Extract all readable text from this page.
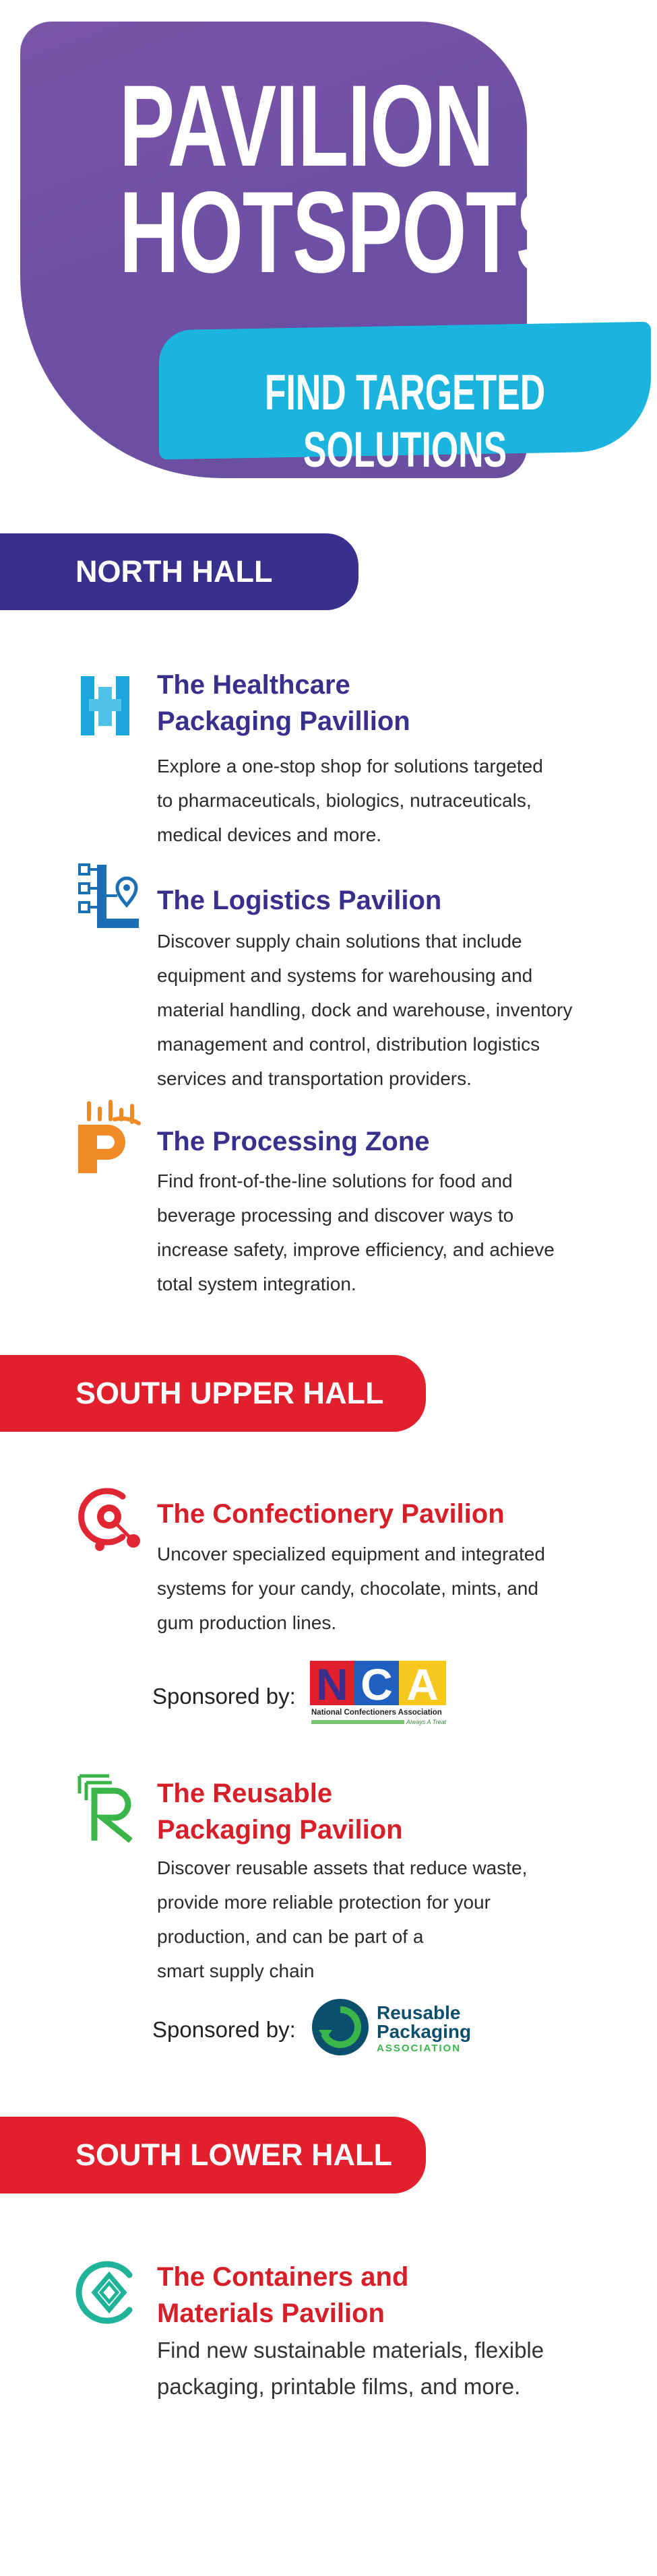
PAVILION
HOTSPOTS
FIND TARGETED SOLUTIONS
NORTH HALL
The Healthcare
Packaging Pavillion
Explore a one-stop shop for solutions targeted
to pharmaceuticals, biologics, nutraceuticals,
medical devices and more.
The Logistics Pavilion
Discover supply chain solutions that include
equipment and systems for warehousing and
material handling, dock and warehouse, inventory
management and control, distribution logistics
services and transportation providers.
The Processing Zone
Find front-of-the-line solutions for food and
beverage processing and discover ways to
increase safety, improve efficiency, and achieve
total system integration.
SOUTH UPPER HALL
The Confectionery Pavilion
Uncover specialized equipment and integrated
systems for your candy, chocolate, mints, and
gum production lines.
Sponsored by: N C A
National Confectioners Association
Always A Treat
The Reusable
Packaging Pavilion
Discover reusable assets that reduce waste,
provide more reliable protection for your
production, and can be part of a
smart supply chain
Sponsored by:
Reusable
Packaging
ASSOCIATION
SOUTH LOWER HALL
The Containers and
Materials Pavilion
Find new sustainable materials, flexible
packaging, printable films, and more.
